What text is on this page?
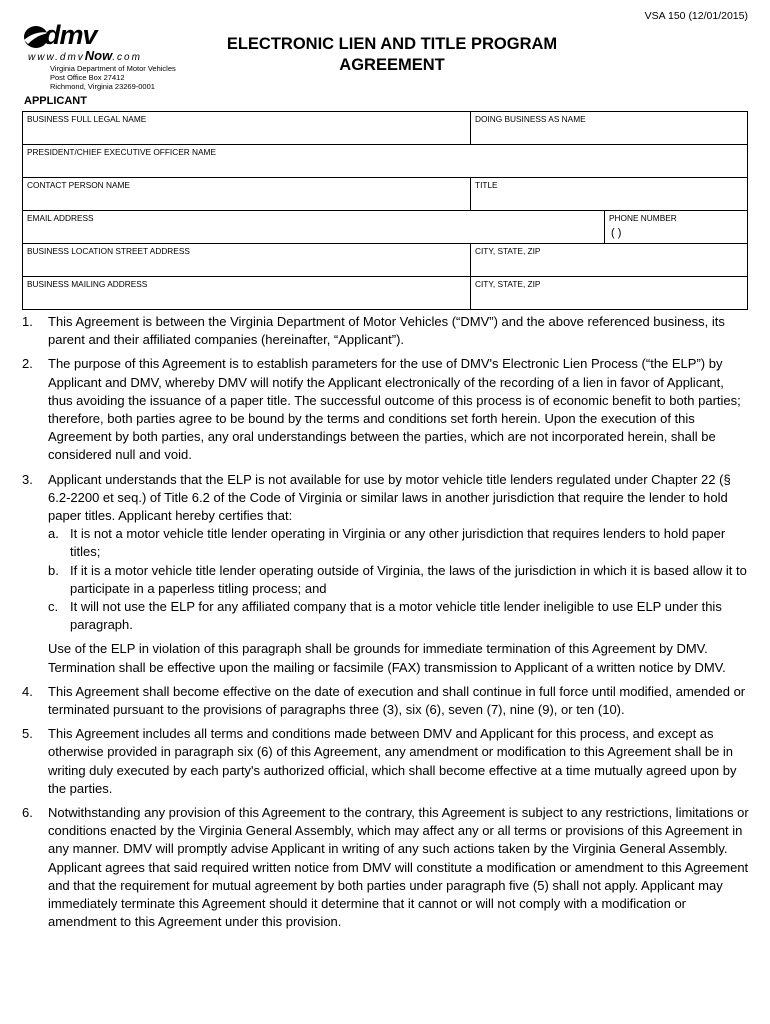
VSA 150 (12/01/2015)
dmv
www.dmvNow.com
Virginia Department of Motor Vehicles
Post Office Box 27412
Richmond, Virginia 23269-0001
ELECTRONIC LIEN AND TITLE PROGRAM
AGREEMENT
APPLICANT
BUSINESS FULL LEGAL NAME	DOING BUSINESS AS NAME	
PRESIDENT/CHIEF EXECUTIVE OFFICER NAME		
CONTACT PERSON NAME	TITLE	
EMAIL ADDRESS		PHONE NUMBER
( )

BUSINESS LOCATION STREET ADDRESS	CITY, STATE, ZIP	
BUSINESS MAILING ADDRESS	CITY, STATE, ZIP	
1. This Agreement is between the Virginia Department of Motor Vehicles (“DMV”) and the above referenced business, its parent and their affiliated companies (hereinafter, “Applicant”).
2. The purpose of this Agreement is to establish parameters for the use of DMV's Electronic Lien Process (“the ELP”) by Applicant and DMV, whereby DMV will notify the Applicant electronically of the recording of a lien in favor of Applicant, thus avoiding the issuance of a paper title. The successful outcome of this process is of economic benefit to both parties; therefore, both parties agree to be bound by the terms and conditions set forth herein. Upon the execution of this Agreement by both parties, any oral understandings between the parties, which are not incorporated herein, shall be considered null and void.
3. Applicant understands that the ELP is not available for use by motor vehicle title lenders regulated under Chapter 22 (§ 6.2-2200 et seq.) of Title 6.2 of the Code of Virginia or similar laws in another jurisdiction that require the lender to hold paper titles. Applicant hereby certifies that:
a. It is not a motor vehicle title lender operating in Virginia or any other jurisdiction that requires lenders to hold paper titles;
b. If it is a motor vehicle title lender operating outside of Virginia, the laws of the jurisdiction in which it is based allow it to participate in a paperless titling process; and
c. It will not use the ELP for any affiliated company that is a motor vehicle title lender ineligible to use ELP under this paragraph.
Use of the ELP in violation of this paragraph shall be grounds for immediate termination of this Agreement by DMV. Termination shall be effective upon the mailing or facsimile (FAX) transmission to Applicant of a written notice by DMV.
4. This Agreement shall become effective on the date of execution and shall continue in full force until modified, amended or terminated pursuant to the provisions of paragraphs three (3), six (6), seven (7), nine (9), or ten (10).
5. This Agreement includes all terms and conditions made between DMV and Applicant for this process, and except as otherwise provided in paragraph six (6) of this Agreement, any amendment or modification to this Agreement shall be in writing duly executed by each party's authorized official, which shall become effective at a time mutually agreed upon by the parties.
6. Notwithstanding any provision of this Agreement to the contrary, this Agreement is subject to any restrictions, limitations or conditions enacted by the Virginia General Assembly, which may affect any or all terms or provisions of this Agreement in any manner. DMV will promptly advise Applicant in writing of any such actions taken by the Virginia General Assembly. Applicant agrees that said required written notice from DMV will constitute a modification or amendment to this Agreement and that the requirement for mutual agreement by both parties under paragraph five (5) shall not apply. Applicant may immediately terminate this Agreement should it determine that it cannot or will not comply with a modification or amendment to this Agreement under this provision.
